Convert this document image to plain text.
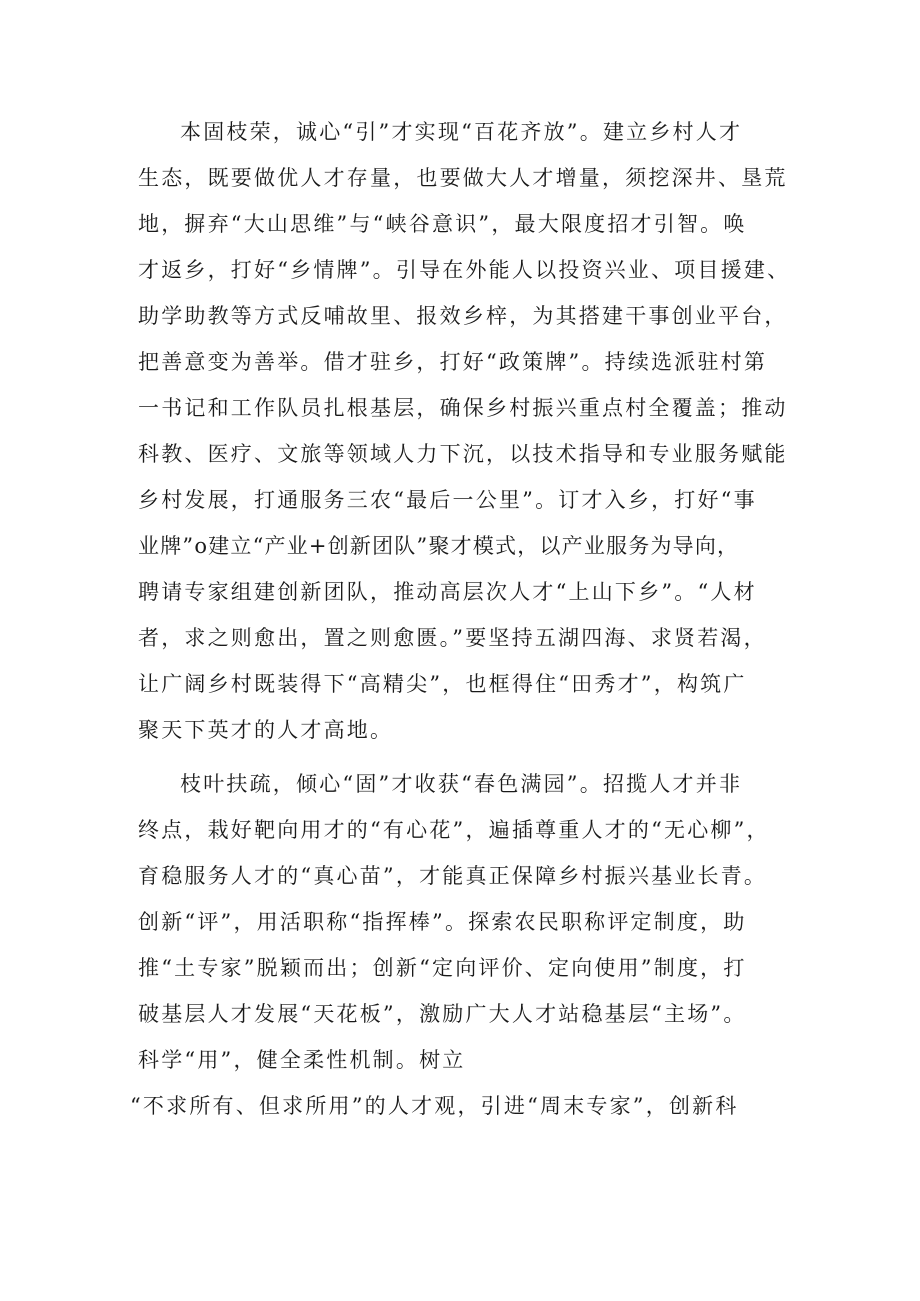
本固枝荣，诚心“引”才实现“百花齐放”。建立乡村人才
生态，既要做优人才存量，也要做大人才增量，须挖深井、垦荒
地，摒弃“大山思维”与“峡谷意识”，最大限度招才引智。唤
才返乡，打好“乡情牌”。引导在外能人以投资兴业、项目援建、
助学助教等方式反哺故里、报效乡梓，为其搭建干事创业平台，
把善意变为善举。借才驻乡，打好“政策牌”。持续选派驻村第
一书记和工作队员扎根基层，确保乡村振兴重点村全覆盖；推动
科教、医疗、文旅等领域人力下沉，以技术指导和专业服务赋能
乡村发展，打通服务三农“最后一公里”。订才入乡，打好“事
业牌”o建立“产业+创新团队”聚才模式，以产业服务为导向，
聘请专家组建创新团队，推动高层次人才“上山下乡”。“人材
者，求之则愈出，置之则愈匮。”要坚持五湖四海、求贤若渴，
让广阔乡村既装得下“高精尖”，也框得住“田秀才”，构筑广
聚天下英才的人才高地。
枝叶扶疏，倾心“固”才收获“春色满园”。招揽人才并非
终点，栽好靶向用才的“有心花”，遍插尊重人才的“无心柳”，
育稳服务人才的“真心苗”，才能真正保障乡村振兴基业长青。
创新“评”，用活职称“指挥棒”。探索农民职称评定制度，助
推“土专家”脱颖而出；创新“定向评价、定向使用”制度，打
破基层人才发展“天花板”，激励广大人才站稳基层“主场”。
科学“用”，健全柔性机制。树立
“不求所有、但求所用”的人才观，引进“周末专家”，创新科
